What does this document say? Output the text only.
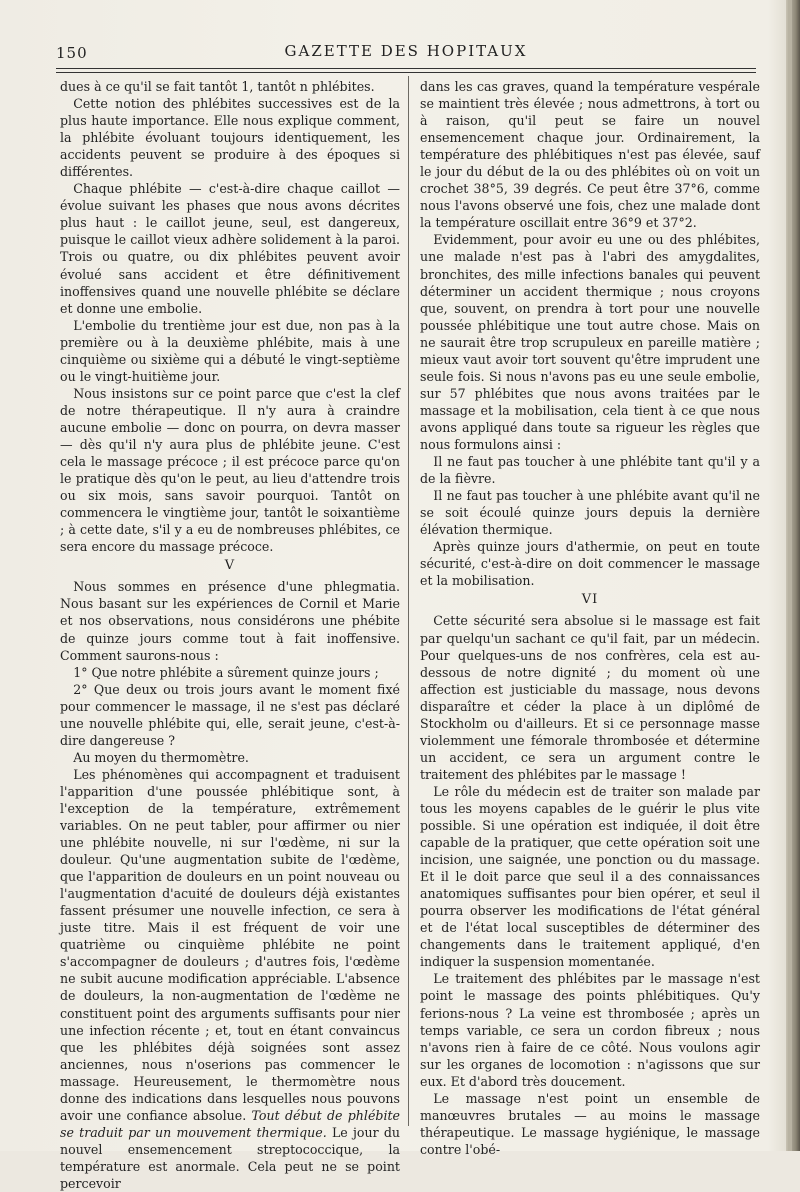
150	GAZETTE DES HOPITAUX

dues à ce qu'il se fait tantôt 1, tantôt n phlébites.

Cette notion des phlébites successives est de la plus haute importance. Elle nous explique comment, la phlébite évoluant toujours identiquement, les accidents peuvent se produire à des époques si différentes.

Chaque phlébite — c'est-à-dire chaque caillot — évolue suivant les phases que nous avons décrites plus haut : le caillot jeune, seul, est dangereux, puisque le caillot vieux adhère solidement à la paroi. Trois ou quatre, ou dix phlébites peuvent avoir évolué sans accident et être définitivement inoffensives quand une nouvelle phlébite se déclare et donne une embolie.

L'embolie du trentième jour est due, non pas à la première ou à la deuxième phlébite, mais à une cinquième ou sixième qui a débuté le vingt-septième ou le vingt-huitième jour.

Nous insistons sur ce point parce que c'est la clef de notre thérapeutique. Il n'y aura à craindre aucune embolie — donc on pourra, on devra masser — dès qu'il n'y aura plus de phlébite jeune. C'est cela le massage précoce ; il est précoce parce qu'on le pratique dès qu'on le peut, au lieu d'attendre trois ou six mois, sans savoir pourquoi. Tantôt on commencera le vingtième jour, tantôt le soixantième ; à cette date, s'il y a eu de nombreuses phlébites, ce sera encore du massage précoce.

V

Nous sommes en présence d'une phlegmatia. Nous basant sur les expériences de Cornil et Marie et nos observations, nous considérons une phébite de quinze jours comme tout à fait inoffensive. Comment saurons-nous :

1° Que notre phlébite a sûrement quinze jours ;

2° Que deux ou trois jours avant le moment fixé pour commencer le massage, il ne s'est pas déclaré une nouvelle phlébite qui, elle, serait jeune, c'est-à-dire dangereuse ?

Au moyen du thermomètre.

Les phénomènes qui accompagnent et traduisent l'apparition d'une poussée phlébitique sont, à l'exception de la température, extrêmement variables. On ne peut tabler, pour affirmer ou nier une phlébite nouvelle, ni sur l'œdème, ni sur la douleur. Qu'une augmentation subite de l'œdème, que l'apparition de douleurs en un point nouveau ou l'augmentation d'acuité de douleurs déjà existantes fassent présumer une nouvelle infection, ce sera à juste titre. Mais il est fréquent de voir une quatrième ou cinquième phlébite ne point s'accompagner de douleurs ; d'autres fois, l'œdème ne subit aucune modification appréciable. L'absence de douleurs, la non-augmentation de l'œdème ne constituent point des arguments suffisants pour nier une infection récente ; et, tout en étant convaincus que les phlébites déjà soignées sont assez anciennes, nous n'oserions pas commencer le massage. Heureusement, le thermomètre nous donne des indications dans lesquelles nous pouvons avoir une confiance absolue. Tout début de phlébite se traduit par un mouvement thermique. Le jour du nouvel ensemencement streptococcique, la température est anormale. Cela peut ne se point percevoir

dans les cas graves, quand la température vespérale se maintient très élevée ; nous admettrons, à tort ou à raison, qu'il peut se faire un nouvel ensemencement chaque jour. Ordinairement, la température des phlébitiques n'est pas élevée, sauf le jour du début de la ou des phlébites où on voit un crochet 38°5, 39 degrés. Ce peut être 37°6, comme nous l'avons observé une fois, chez une malade dont la température oscillait entre 36°9 et 37°2.

Evidemment, pour avoir eu une ou des phlébites, une malade n'est pas à l'abri des amygdalites, bronchites, des mille infections banales qui peuvent déterminer un accident thermique ; nous croyons que, souvent, on prendra à tort pour une nouvelle poussée phlébitique une tout autre chose. Mais on ne saurait être trop scrupuleux en pareille matière ; mieux vaut avoir tort souvent qu'être imprudent une seule fois. Si nous n'avons pas eu une seule embolie, sur 57 phlébites que nous avons traitées par le massage et la mobilisation, cela tient à ce que nous avons appliqué dans toute sa rigueur les règles que nous formulons ainsi :

Il ne faut pas toucher à une phlébite tant qu'il y a de la fièvre.

Il ne faut pas toucher à une phlébite avant qu'il ne se soit écoulé quinze jours depuis la dernière élévation thermique.

Après quinze jours d'athermie, on peut en toute sécurité, c'est-à-dire on doit commencer le massage et la mobilisation.

VI

Cette sécurité sera absolue si le massage est fait par quelqu'un sachant ce qu'il fait, par un médecin. Pour quelques-uns de nos confrères, cela est au-dessous de notre dignité ; du moment où une affection est justiciable du massage, nous devons disparaître et céder la place à un diplômé de Stockholm ou d'ailleurs. Et si ce personnage masse violemment une fémorale thrombosée et détermine un accident, ce sera un argument contre le traitement des phlébites par le massage !

Le rôle du médecin est de traiter son malade par tous les moyens capables de le guérir le plus vite possible. Si une opération est indiquée, il doit être capable de la pratiquer, que cette opération soit une incision, une saignée, une ponction ou du massage. Et il le doit parce que seul il a des connaissances anatomiques suffisantes pour bien opérer, et seul il pourra observer les modifications de l'état général et de l'état local susceptibles de déterminer des changements dans le traitement appliqué, d'en indiquer la suspension momentanée.

Le traitement des phlébites par le massage n'est point le massage des points phlébitiques. Qu'y ferions-nous ? La veine est thrombosée ; après un temps variable, ce sera un cordon fibreux ; nous n'avons rien à faire de ce côté. Nous voulons agir sur les organes de locomotion : n'agissons que sur eux. Et d'abord très doucement.

Le massage n'est point un ensemble de manœuvres brutales — au moins le massage thérapeutique. Le massage hygiénique, le massage contre l'obé-
